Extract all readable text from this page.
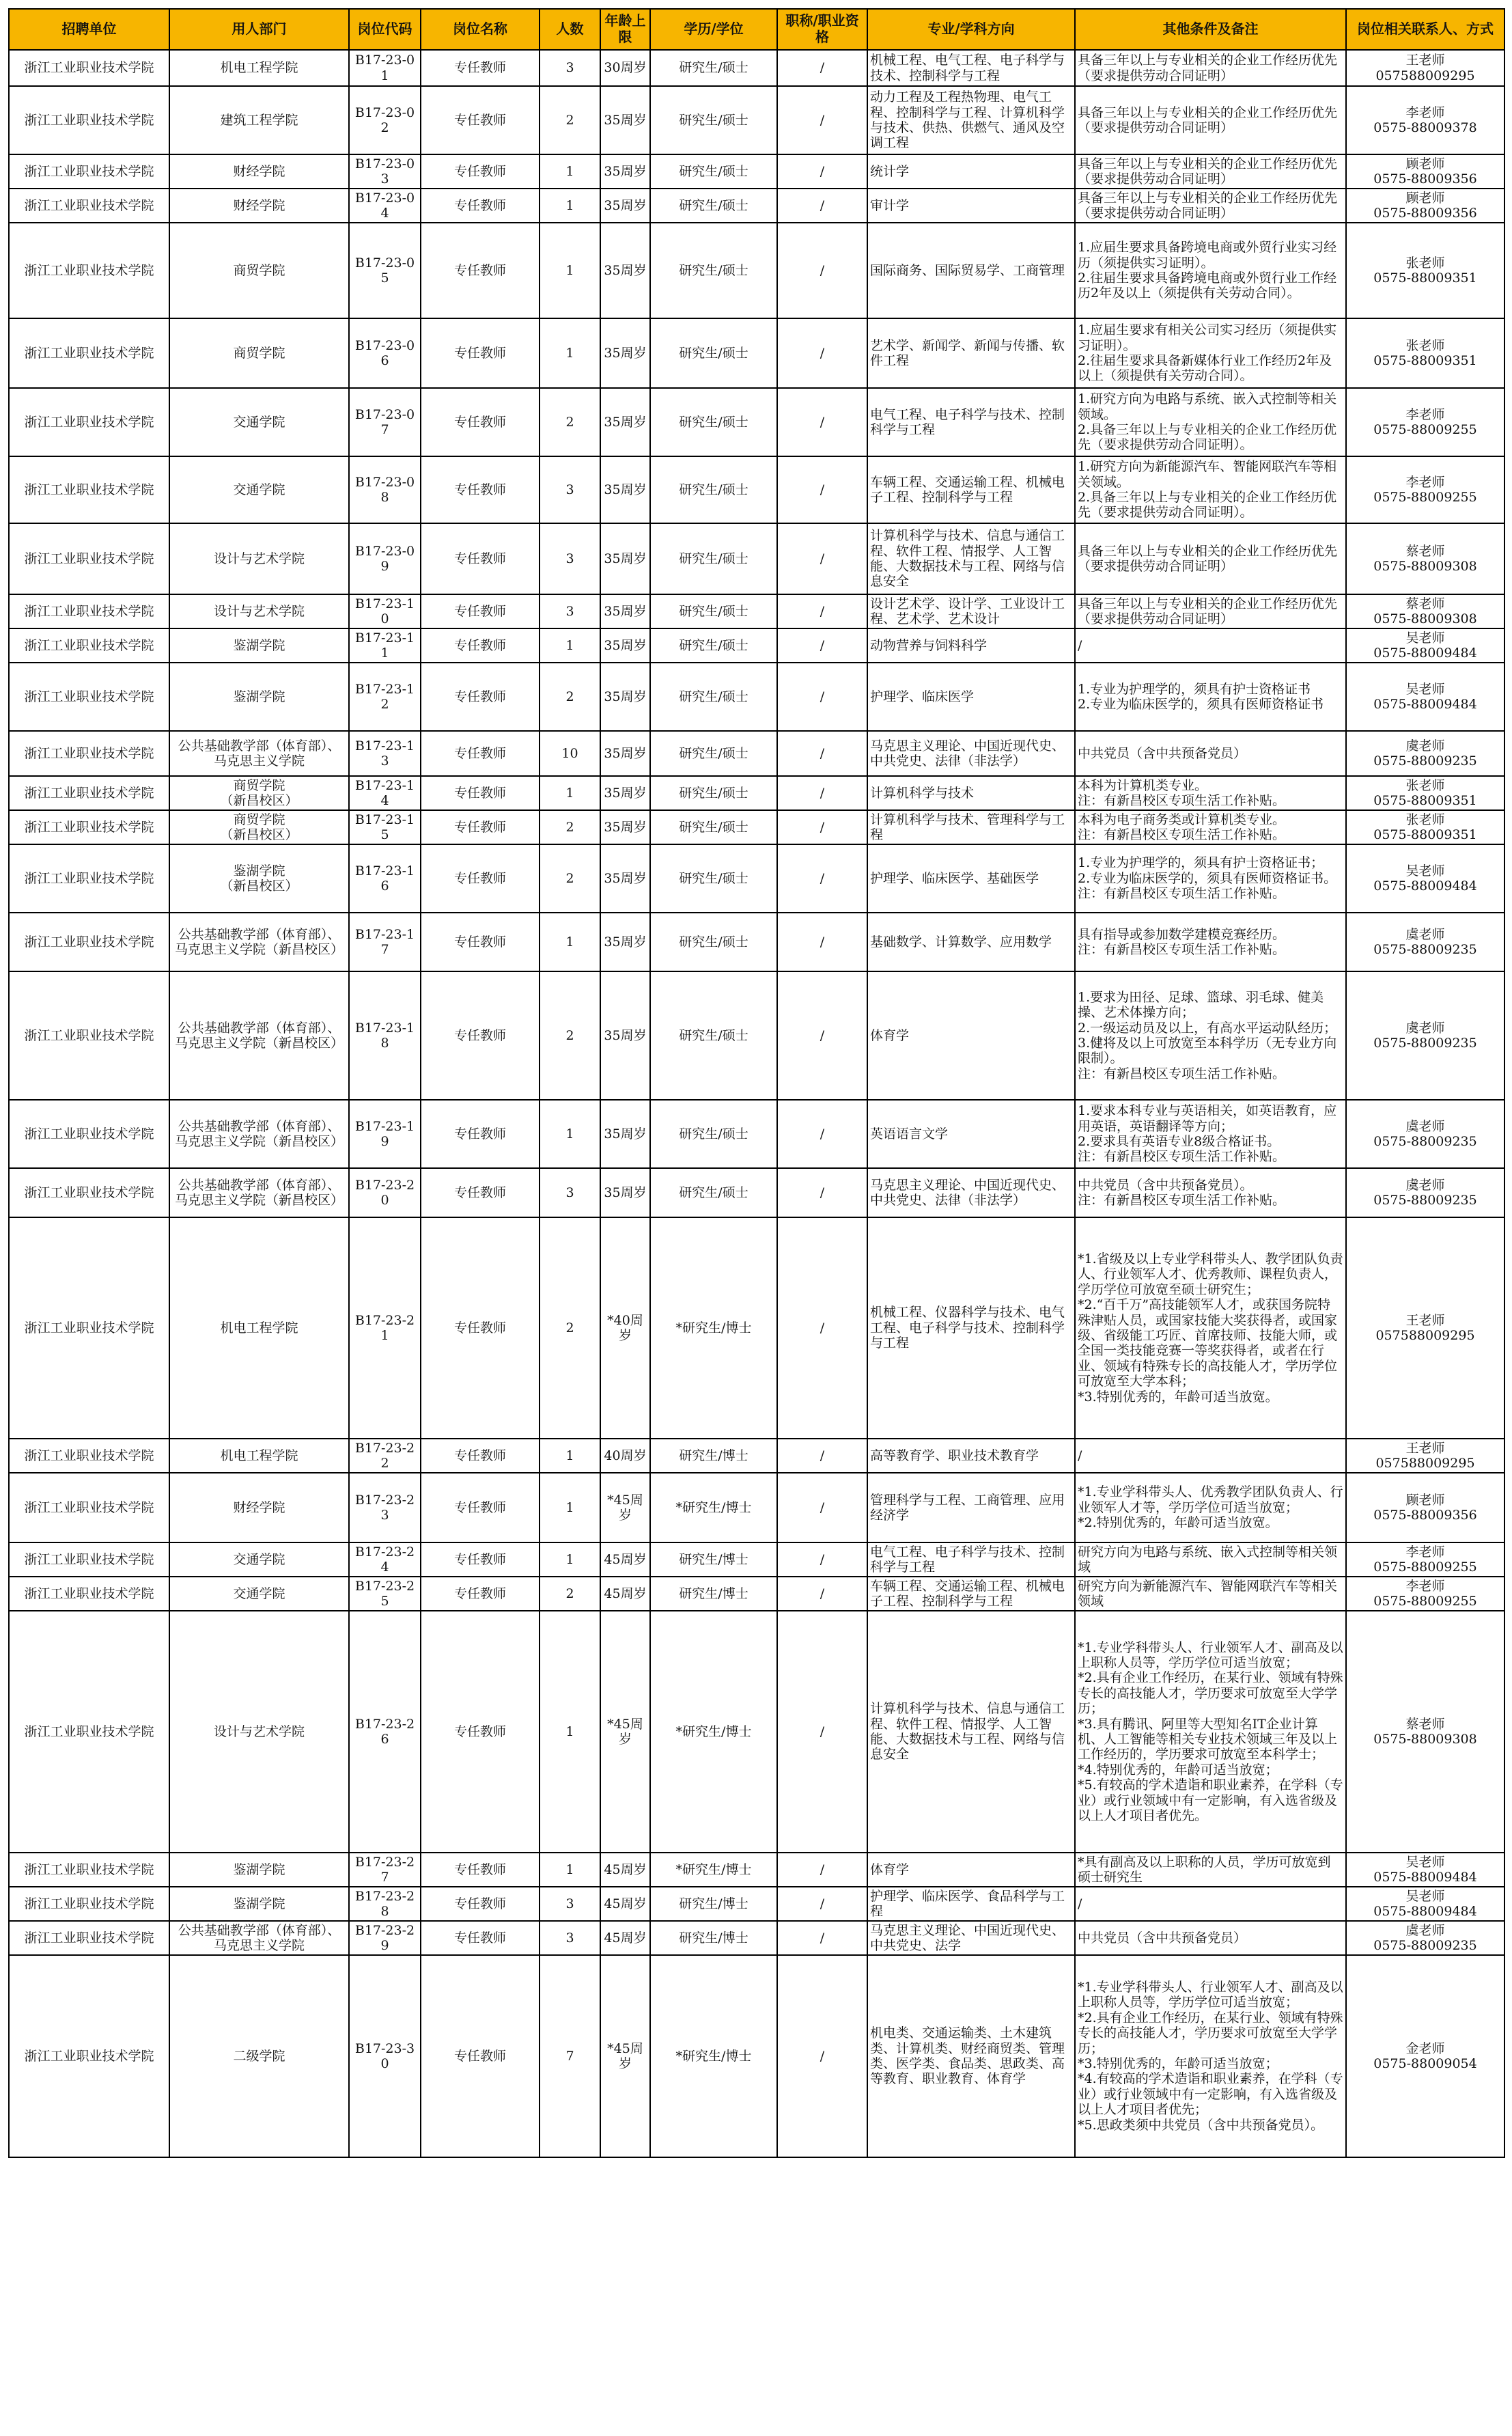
招聘单位	用人部门	岗位代码	岗位名称	人数	年龄上限	学历/学位	职称/职业资格	专业/学科方向	其他条件及备注	岗位相关联系人、方式
浙江工业职业技术学院	机电工程学院	B17-23-01	专任教师	3	30周岁	研究生/硕士	/	机械工程、电气工程、电子科学与技术、控制科学与工程	具备三年以上与专业相关的企业工作经历优先（要求提供劳动合同证明）	王老师
057588009295
浙江工业职业技术学院	建筑工程学院	B17-23-02	专任教师	2	35周岁	研究生/硕士	/	动力工程及工程热物理、电气工程、控制科学与工程、计算机科学与技术、供热、供燃气、通风及空调工程	具备三年以上与专业相关的企业工作经历优先（要求提供劳动合同证明）	李老师
0575-88009378
浙江工业职业技术学院	财经学院	B17-23-03	专任教师	1	35周岁	研究生/硕士	/	统计学	具备三年以上与专业相关的企业工作经历优先（要求提供劳动合同证明）	顾老师
0575-88009356
浙江工业职业技术学院	财经学院	B17-23-04	专任教师	1	35周岁	研究生/硕士	/	审计学	具备三年以上与专业相关的企业工作经历优先（要求提供劳动合同证明）	顾老师
0575-88009356
浙江工业职业技术学院	商贸学院	B17-23-05	专任教师	1	35周岁	研究生/硕士	/	国际商务、国际贸易学、工商管理	1.应届生要求具备跨境电商或外贸行业实习经历（须提供实习证明）。
2.往届生要求具备跨境电商或外贸行业工作经历2年及以上（须提供有关劳动合同）。	张老师
0575-88009351
浙江工业职业技术学院	商贸学院	B17-23-06	专任教师	1	35周岁	研究生/硕士	/	艺术学、新闻学、新闻与传播、软件工程	1.应届生要求有相关公司实习经历（须提供实习证明）。
2.往届生要求具备新媒体行业工作经历2年及以上（须提供有关劳动合同）。	张老师
0575-88009351
浙江工业职业技术学院	交通学院	B17-23-07	专任教师	2	35周岁	研究生/硕士	/	电气工程、电子科学与技术、控制科学与工程	1.研究方向为电路与系统、嵌入式控制等相关领域。
2.具备三年以上与专业相关的企业工作经历优先（要求提供劳动合同证明）。	李老师
0575-88009255
浙江工业职业技术学院	交通学院	B17-23-08	专任教师	3	35周岁	研究生/硕士	/	车辆工程、交通运输工程、机械电子工程、控制科学与工程	1.研究方向为新能源汽车、智能网联汽车等相关领域。
2.具备三年以上与专业相关的企业工作经历优先（要求提供劳动合同证明）。	李老师
0575-88009255
浙江工业职业技术学院	设计与艺术学院	B17-23-09	专任教师	3	35周岁	研究生/硕士	/	计算机科学与技术、信息与通信工程、软件工程、情报学、人工智能、大数据技术与工程、网络与信息安全	具备三年以上与专业相关的企业工作经历优先（要求提供劳动合同证明）	蔡老师
0575-88009308
浙江工业职业技术学院	设计与艺术学院	B17-23-10	专任教师	3	35周岁	研究生/硕士	/	设计艺术学、设计学、工业设计工程、艺术学、艺术设计	具备三年以上与专业相关的企业工作经历优先（要求提供劳动合同证明）	蔡老师
0575-88009308
浙江工业职业技术学院	鉴湖学院	B17-23-11	专任教师	1	35周岁	研究生/硕士	/	动物营养与饲料科学	/	吴老师
0575-88009484
浙江工业职业技术学院	鉴湖学院	B17-23-12	专任教师	2	35周岁	研究生/硕士	/	护理学、临床医学	1.专业为护理学的，须具有护士资格证书
2.专业为临床医学的，须具有医师资格证书	吴老师
0575-88009484
浙江工业职业技术学院	公共基础教学部（体育部）、马克思主义学院	B17-23-13	专任教师	10	35周岁	研究生/硕士	/	马克思主义理论、中国近现代史、中共党史、法律（非法学）	中共党员（含中共预备党员）	虞老师
0575-88009235
浙江工业职业技术学院	商贸学院
（新昌校区）	B17-23-14	专任教师	1	35周岁	研究生/硕士	/	计算机科学与技术	本科为计算机类专业。
注：有新昌校区专项生活工作补贴。	张老师
0575-88009351
浙江工业职业技术学院	商贸学院
（新昌校区）	B17-23-15	专任教师	2	35周岁	研究生/硕士	/	计算机科学与技术、管理科学与工程	本科为电子商务类或计算机类专业。
注：有新昌校区专项生活工作补贴。	张老师
0575-88009351
浙江工业职业技术学院	鉴湖学院
（新昌校区）	B17-23-16	专任教师	2	35周岁	研究生/硕士	/	护理学、临床医学、基础医学	1.专业为护理学的，须具有护士资格证书；
2.专业为临床医学的，须具有医师资格证书。
注：有新昌校区专项生活工作补贴。	吴老师
0575-88009484
浙江工业职业技术学院	公共基础教学部（体育部）、马克思主义学院（新昌校区）	B17-23-17	专任教师	1	35周岁	研究生/硕士	/	基础数学、计算数学、应用数学	具有指导或参加数学建模竞赛经历。
注：有新昌校区专项生活工作补贴。	虞老师
0575-88009235
浙江工业职业技术学院	公共基础教学部（体育部）、马克思主义学院（新昌校区）	B17-23-18	专任教师	2	35周岁	研究生/硕士	/	体育学	1.要求为田径、足球、篮球、羽毛球、健美操、艺术体操方向；
2.一级运动员及以上，有高水平运动队经历；
3.健将及以上可放宽至本科学历（无专业方向限制）。
注：有新昌校区专项生活工作补贴。	虞老师
0575-88009235
浙江工业职业技术学院	公共基础教学部（体育部）、马克思主义学院（新昌校区）	B17-23-19	专任教师	1	35周岁	研究生/硕士	/	英语语言文学	1.要求本科专业与英语相关，如英语教育，应用英语，英语翻译等方向；
2.要求具有英语专业8级合格证书。
注：有新昌校区专项生活工作补贴。	虞老师
0575-88009235
浙江工业职业技术学院	公共基础教学部（体育部）、马克思主义学院（新昌校区）	B17-23-20	专任教师	3	35周岁	研究生/硕士	/	马克思主义理论、中国近现代史、中共党史、法律（非法学）	中共党员（含中共预备党员）。
注：有新昌校区专项生活工作补贴。	虞老师
0575-88009235
浙江工业职业技术学院	机电工程学院	B17-23-21	专任教师	2	*40周岁	*研究生/博士	/	机械工程、仪器科学与技术、电气工程、电子科学与技术、控制科学与工程	*1.省级及以上专业学科带头人、教学团队负责人、行业领军人才、优秀教师、课程负责人，学历学位可放宽至硕士研究生；
*2.“百千万”高技能领军人才，或获国务院特殊津贴人员，或国家技能大奖获得者，或国家级、省级能工巧匠、首席技师、技能大师，或全国一类技能竞赛一等奖获得者，或者在行业、领域有特殊专长的高技能人才，学历学位可放宽至大学本科；
*3.特别优秀的，年龄可适当放宽。	王老师
057588009295
浙江工业职业技术学院	机电工程学院	B17-23-22	专任教师	1	40周岁	研究生/博士	/	高等教育学、职业技术教育学	/	王老师
057588009295
浙江工业职业技术学院	财经学院	B17-23-23	专任教师	1	*45周岁	*研究生/博士	/	管理科学与工程、工商管理、应用经济学	*1.专业学科带头人、优秀教学团队负责人、行业领军人才等，学历学位可适当放宽；
*2.特别优秀的，年龄可适当放宽。	顾老师
0575-88009356
浙江工业职业技术学院	交通学院	B17-23-24	专任教师	1	45周岁	研究生/博士	/	电气工程、电子科学与技术、控制科学与工程	研究方向为电路与系统、嵌入式控制等相关领域	李老师
0575-88009255
浙江工业职业技术学院	交通学院	B17-23-25	专任教师	2	45周岁	研究生/博士	/	车辆工程、交通运输工程、机械电子工程、控制科学与工程	研究方向为新能源汽车、智能网联汽车等相关领域	李老师
0575-88009255
浙江工业职业技术学院	设计与艺术学院	B17-23-26	专任教师	1	*45周岁	*研究生/博士	/	计算机科学与技术、信息与通信工程、软件工程、情报学、人工智能、大数据技术与工程、网络与信息安全	*1.专业学科带头人、行业领军人才、副高及以上职称人员等，学历学位可适当放宽；
*2.具有企业工作经历，在某行业、领域有特殊专长的高技能人才，学历要求可放宽至大学学历；
*3.具有腾讯、阿里等大型知名IT企业计算机、人工智能等相关专业技术领域三年及以上工作经历的，学历要求可放宽至本科学士；
*4.特别优秀的，年龄可适当放宽；
*5.有较高的学术造诣和职业素养，在学科（专业）或行业领域中有一定影响，有入选省级及以上人才项目者优先。	蔡老师
0575-88009308
浙江工业职业技术学院	鉴湖学院	B17-23-27	专任教师	1	45周岁	*研究生/博士	/	体育学	*具有副高及以上职称的人员，学历可放宽到硕士研究生	吴老师
0575-88009484
浙江工业职业技术学院	鉴湖学院	B17-23-28	专任教师	3	45周岁	研究生/博士	/	护理学、临床医学、食品科学与工程	/	吴老师
0575-88009484
浙江工业职业技术学院	公共基础教学部（体育部）、马克思主义学院	B17-23-29	专任教师	3	45周岁	研究生/博士	/	马克思主义理论、中国近现代史、中共党史、法学	中共党员（含中共预备党员）	虞老师
0575-88009235
浙江工业职业技术学院	二级学院	B17-23-30	专任教师	7	*45周岁	*研究生/博士	/	机电类、交通运输类、土木建筑类、计算机类、财经商贸类、管理类、医学类、食品类、思政类、高等教育、职业教育、体育学	*1.专业学科带头人、行业领军人才、副高及以上职称人员等，学历学位可适当放宽；
*2.具有企业工作经历，在某行业、领域有特殊专长的高技能人才，学历要求可放宽至大学学历；
*3.特别优秀的，年龄可适当放宽；
*4.有较高的学术造诣和职业素养，在学科（专业）或行业领域中有一定影响，有入选省级及以上人才项目者优先；
*5.思政类须中共党员（含中共预备党员）。	金老师
0575-88009054
